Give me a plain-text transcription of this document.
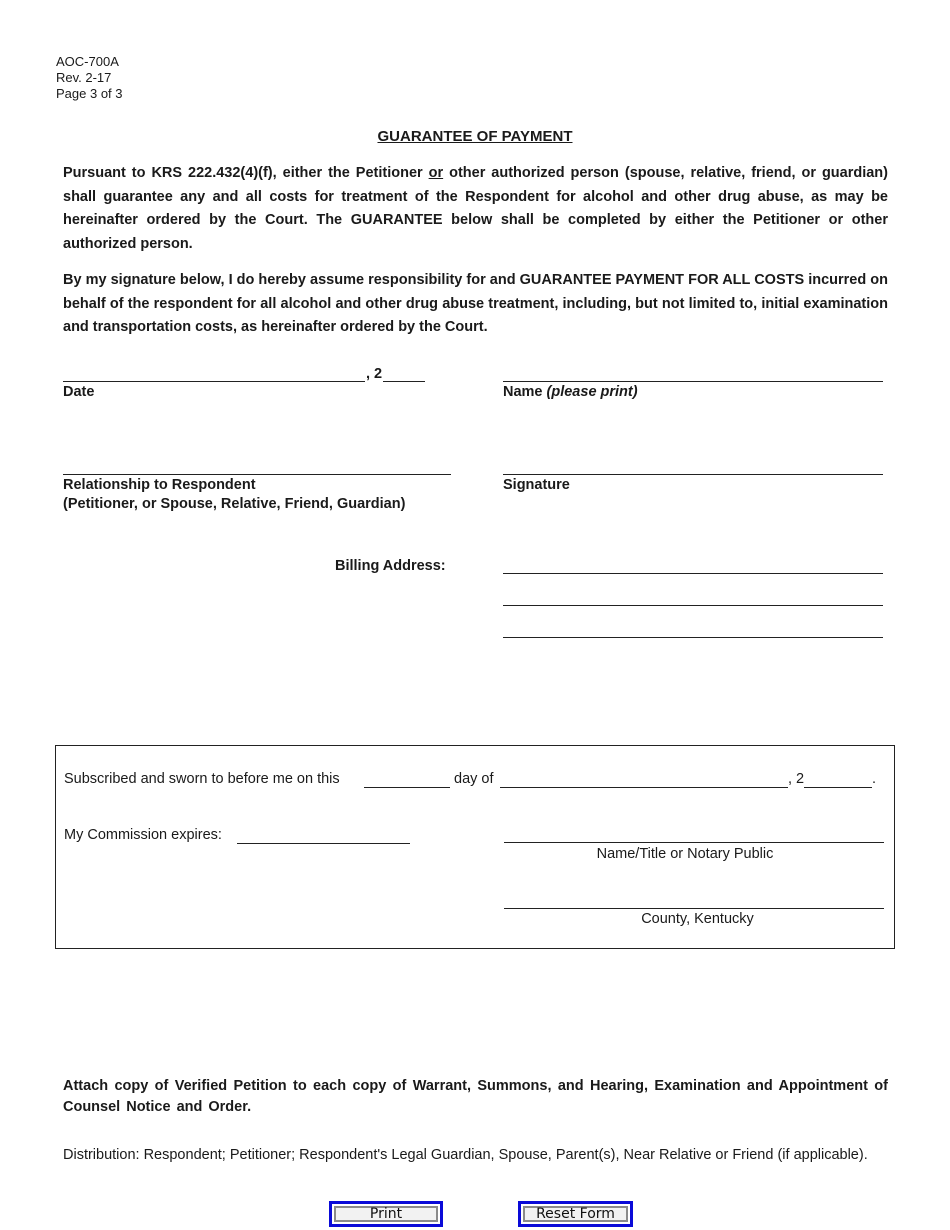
AOC-700A
Rev. 2-17
Page 3 of 3
GUARANTEE OF PAYMENT
Pursuant to KRS 222.432(4)(f), either the Petitioner or other authorized person (spouse, relative, friend, or guardian) shall guarantee any and all costs for treatment of the Respondent for alcohol and other drug abuse, as may be hereinafter ordered by the Court. The GUARANTEE below shall be completed by either the Petitioner or other authorized person.
By my signature below, I do hereby assume responsibility for and GUARANTEE PAYMENT FOR ALL COSTS incurred on behalf of the respondent for all alcohol and other drug abuse treatment, including, but not limited to, initial examination and transportation costs, as hereinafter ordered by the Court.
, 2
Date	Name (please print)
Relationship to Respondent
(Petitioner, or Spouse, Relative, Friend, Guardian)
Signature
Billing Address:
Subscribed and sworn to before me on this	day of	, 2	.
My Commission expires:
Name/Title or Notary Public
County, Kentucky
Attach copy of Verified Petition to each copy of Warrant, Summons, and Hearing, Examination and Appointment of Counsel Notice and Order.
Distribution: Respondent; Petitioner; Respondent's Legal Guardian, Spouse, Parent(s), Near Relative or Friend (if applicable).
Print	Reset Form
